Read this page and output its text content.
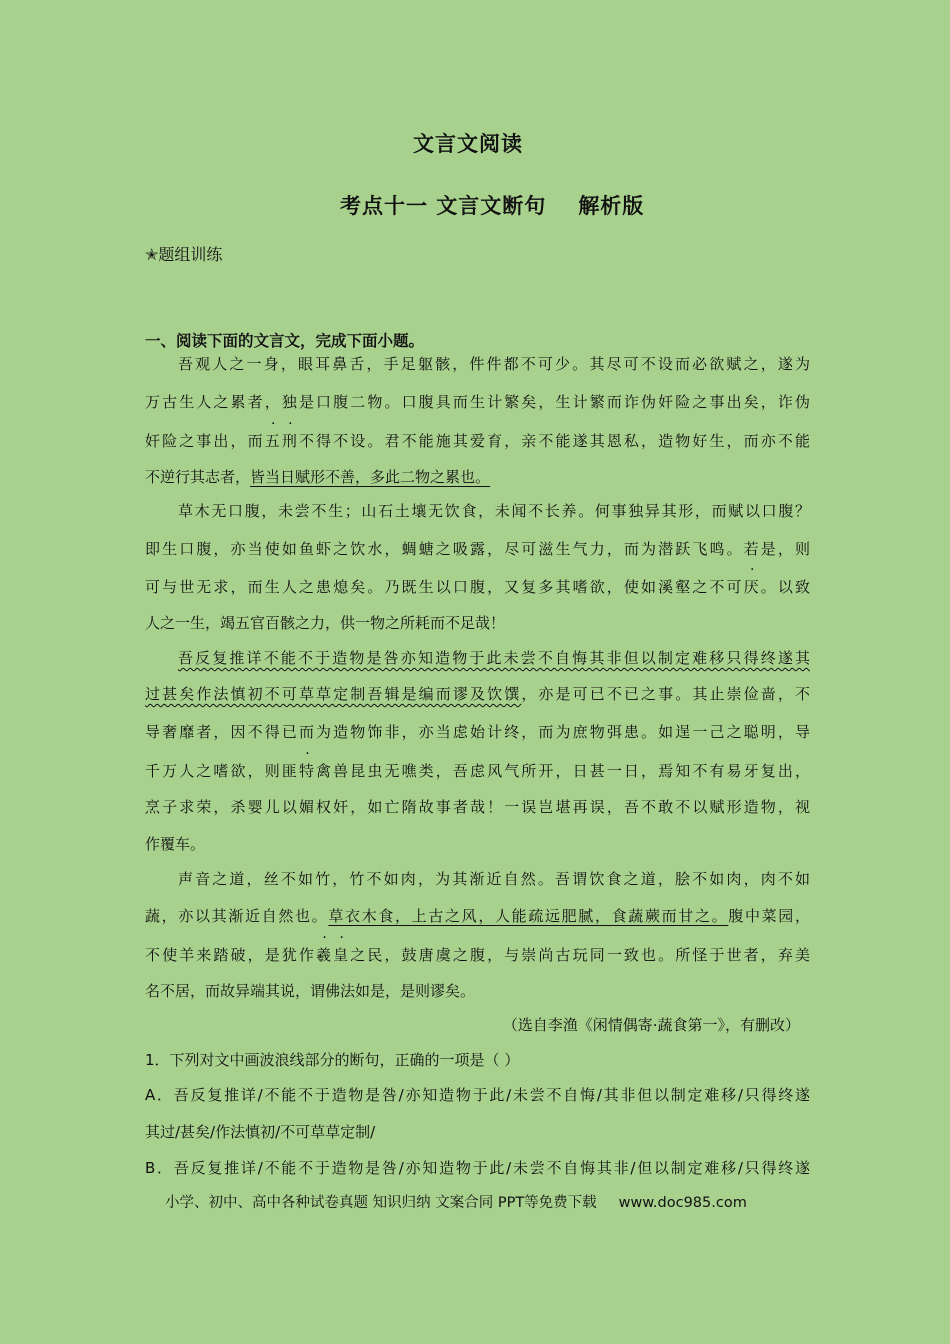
文言文阅读
考点十一 文言文断句 解析版
✭题组训练
一、阅读下面的文言文，完成下面小题。
吾观人之一身，眼耳鼻舌，手足躯骸，件件都不可少。其尽可不设而必欲赋之，遂为
万古生人之累者，独是口腹二物。口腹具而生计繁矣，生计繁而诈伪奸险之事出矣，诈伪
奸险之事出，而五刑不得不设。君不能施其爱育，亲不能遂其恩私，造物好生，而亦不能
不逆行其志者，皆当日赋形不善，多此二物之累也。
草木无口腹，未尝不生；山石土壤无饮食，未闻不长养。何事独异其形，而赋以口腹？
即生口腹，亦当使如鱼虾之饮水，蜩螗之吸露，尽可滋生气力，而为潜跃飞鸣。若是，则
可与世无求，而生人之患熄矣。乃既生以口腹，又复多其嗜欲，使如溪壑之不可厌。以致
人之一生，竭五官百骸之力，供一物之所耗而不足哉！
吾反复推详不能不于造物是咎亦知造物于此未尝不自悔其非但以制定难移只得终遂其
过甚矣作法慎初不可草草定制吾辑是编而谬及饮馔，亦是可已不已之事。其止崇俭啬，不
导奢靡者，因不得已而为造物饰非，亦当虑始计终，而为庶物弭患。如逞一己之聪明，导
千万人之嗜欲，则匪特禽兽昆虫无噍类，吾虑风气所开，日甚一日，焉知不有易牙复出，
烹子求荣，杀婴儿以媚权奸，如亡隋故事者哉！一误岂堪再误，吾不敢不以赋形造物，视
作覆车。
声音之道，丝不如竹，竹不如肉，为其渐近自然。吾谓饮食之道，脍不如肉，肉不如
蔬，亦以其渐近自然也。草衣木食，上古之风，人能疏远肥腻，食蔬蕨而甘之。腹中菜园，
不使羊来踏破，是犹作羲皇之民，鼓唐虞之腹，与崇尚古玩同一致也。所怪于世者，弃美
名不居，而故异端其说，谓佛法如是，是则谬矣。
（选自李渔《闲情偶寄·蔬食第一》，有删改）
1．下列对文中画波浪线部分的断句，正确的一项是（ ）
A．吾反复推详/不能不于造物是咎/亦知造物于此/未尝不自悔/其非但以制定难移/只得终遂
其过/甚矣/作法慎初/不可草草定制/
B．吾反复推详/不能不于造物是咎/亦知造物于此/未尝不自悔其非/但以制定难移/只得终遂
小学、初中、高中各种试卷真题 知识归纳 文案合同 PPT等免费下载 www.doc985.com
